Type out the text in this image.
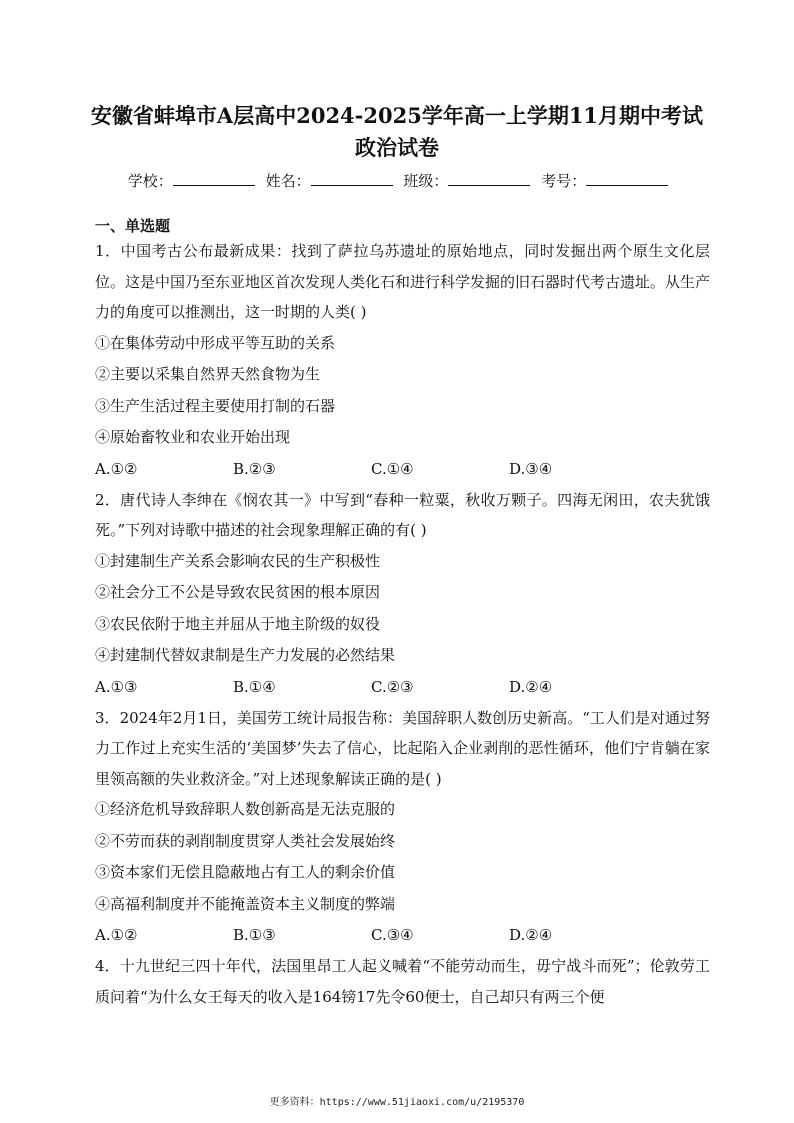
安徽省蚌埠市A层高中2024-2025学年高一上学期11月期中考试政治试卷
学校：	姓名：	班级：	考号：
一、单选题

1．中国考古公布最新成果：找到了萨拉乌苏遗址的原始地点，同时发掘出两个原生文化层位。这是中国乃至东亚地区首次发现人类化石和进行科学发掘的旧石器时代考古遗址。从生产力的角度可以推测出，这一时期的人类( )

①在集体劳动中形成平等互助的关系

②主要以采集自然界天然食物为生

③生产生活过程主要使用打制的石器

④原始畜牧业和农业开始出现

A.①②	B.②③	C.①④	D.③④

2．唐代诗人李绅在《悯农其一》中写到“春种一粒粟，秋收万颗子。四海无闲田，农夫犹饿死。”下列对诗歌中描述的社会现象理解正确的有( )

①封建制生产关系会影响农民的生产积极性

②社会分工不公是导致农民贫困的根本原因

③农民依附于地主并屈从于地主阶级的奴役

④封建制代替奴隶制是生产力发展的必然结果

A.①③	B.①④	C.②③	D.②④

3．2024年2月1日，美国劳工统计局报告称：美国辞职人数创历史新高。“工人们是对通过努力工作过上充实生活的‘美国梦’失去了信心，比起陷入企业剥削的恶性循环，他们宁肯躺在家里领高额的失业救济金。”对上述现象解读正确的是( )

①经济危机导致辞职人数创新高是无法克服的

②不劳而获的剥削制度贯穿人类社会发展始终

③资本家们无偿且隐蔽地占有工人的剩余价值

④高福利制度并不能掩盖资本主义制度的弊端

A.①②	B.①③	C.③④	D.②④

4．十九世纪三四十年代，法国里昂工人起义喊着“不能劳动而生，毋宁战斗而死”；伦敦劳工质问着“为什么女王每天的收入是164镑17先令60便士，自己却只有两三个便

更多资料：https://www.51jiaoxi.com/u/2195370
